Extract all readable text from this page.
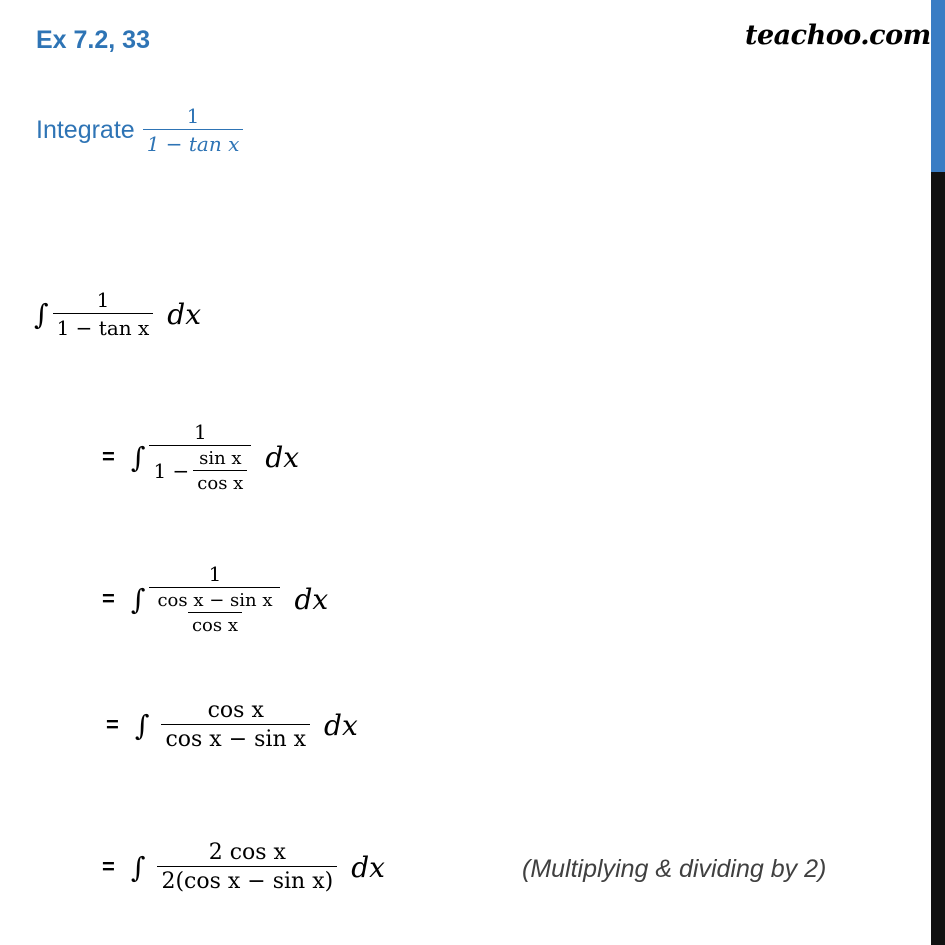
Ex 7.2, 33	teachoo.com
Integrate $\frac{1}{\text{1 − tan x}}$
∫ $\frac{1}{\text{1 − tan x}}$ dx
= ∫ $\frac{1}{1 - \frac{\text{sin x}}{\text{cos x}}}$ dx
= ∫ $\frac{1}{\frac{\text{cos x − sin x}}{\text{cos x}}}$ dx
= ∫ $\frac{\text{cos x}}{\text{cos x − sin x}}$ dx
= ∫ $\frac{\text{2 cos x}}{\text{2(cos x − sin x)}}$ dx	(Multiplying & dividing by 2)
